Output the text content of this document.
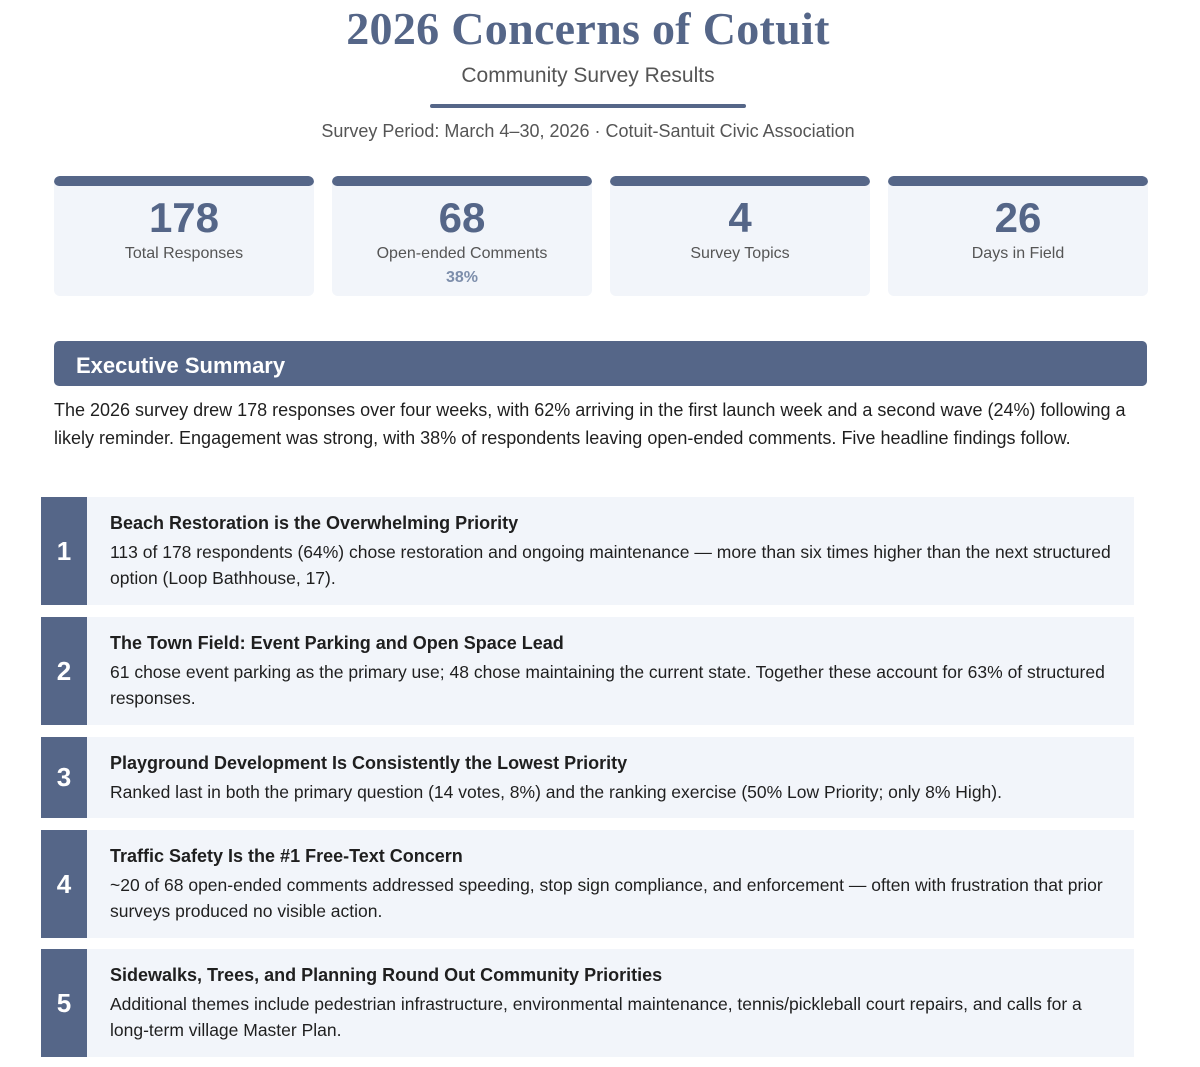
2026 Concerns of Cotuit
Community Survey Results
Survey Period: March 4–30, 2026 · Cotuit-Santuit Civic Association
178
Total Responses
68
Open-ended Comments
38%
4
Survey Topics
26
Days in Field
Executive Summary
The 2026 survey drew 178 responses over four weeks, with 62% arriving in the first launch week and a second wave (24%) following a likely reminder. Engagement was strong, with 38% of respondents leaving open-ended comments. Five headline findings follow.
1
Beach Restoration is the Overwhelming Priority
113 of 178 respondents (64%) chose restoration and ongoing maintenance — more than six times higher than the next structured option (Loop Bathhouse, 17).
2
The Town Field: Event Parking and Open Space Lead
61 chose event parking as the primary use; 48 chose maintaining the current state. Together these account for 63% of structured responses.
3	Playground Development Is Consistently the Lowest Priority
Ranked last in both the primary question (14 votes, 8%) and the ranking exercise (50% Low Priority; only 8% High).
4
Traffic Safety Is the #1 Free-Text Concern
~20 of 68 open-ended comments addressed speeding, stop sign compliance, and enforcement — often with frustration that prior surveys produced no visible action.
5
Sidewalks, Trees, and Planning Round Out Community Priorities
Additional themes include pedestrian infrastructure, environmental maintenance, tennis/pickleball court repairs, and calls for a long-term village Master Plan.
